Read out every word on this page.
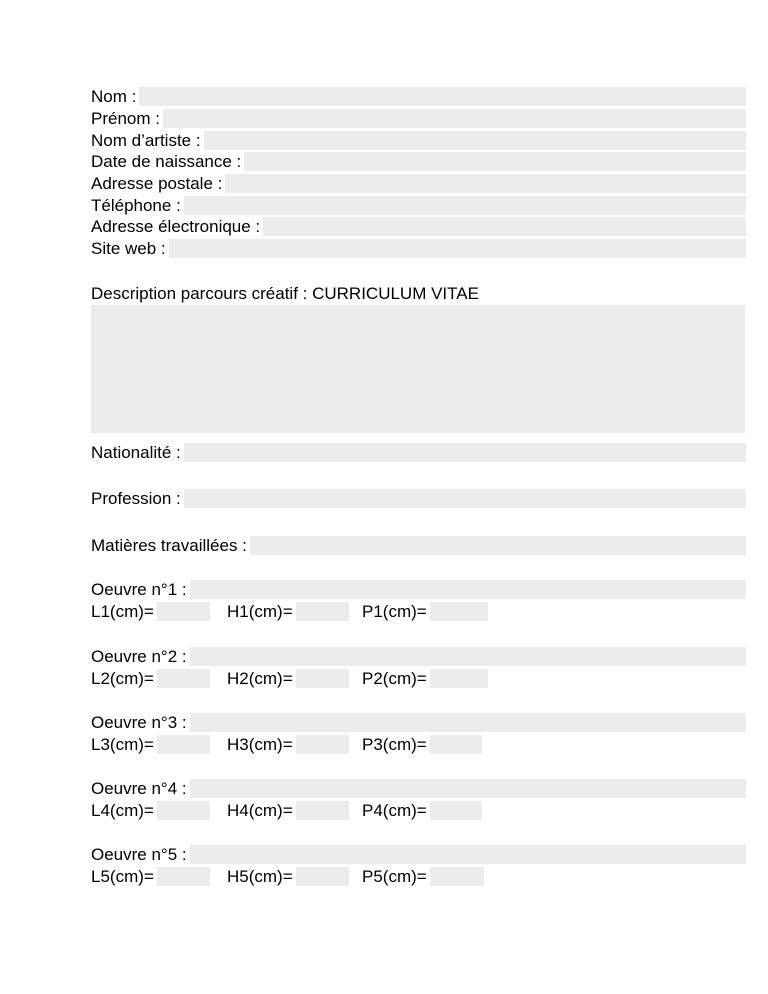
Nom :
Prénom :
Nom d’artiste :
Date de naissance :
Adresse postale :
Téléphone :
Adresse électronique :
Site web :
Description parcours créatif : CURRICULUM VITAE
Nationalité :
Profession :
Matières travaillées :
Oeuvre n°1 :
L1(cm)=	H1(cm)=	P1(cm)=
Oeuvre n°2 :
L2(cm)=	H2(cm)=	P2(cm)=
Oeuvre n°3 :
L3(cm)=	H3(cm)=	P3(cm)=
Oeuvre n°4 :
L4(cm)=	H4(cm)=	P4(cm)=
Oeuvre n°5 :
L5(cm)=	H5(cm)=	P5(cm)=
